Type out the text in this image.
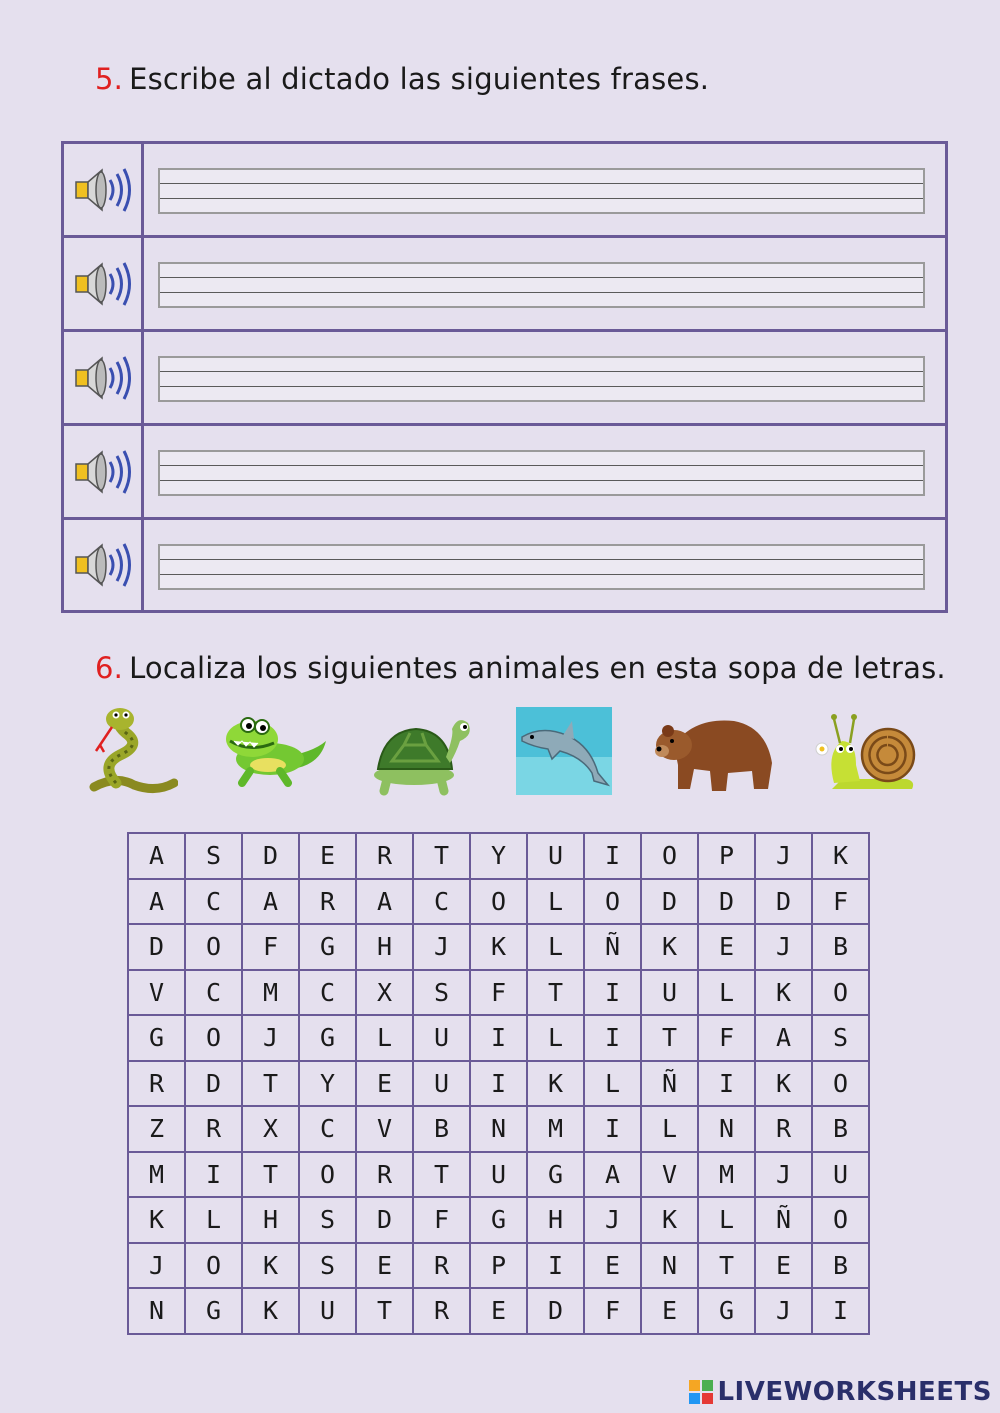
5. Escribe al dictado las siguientes frases.
6. Localiza los siguientes animales en esta sopa de letras.
A	S	D	E	R	T	Y	U	I	O	P	J	K
A	C	A	R	A	C	O	L	O	D	D	D	F
D	O	F	G	H	J	K	L	Ñ	K	E	J	B
V	C	M	C	X	S	F	T	I	U	L	K	O
G	O	J	G	L	U	I	L	I	T	F	A	S
R	D	T	Y	E	U	I	K	L	Ñ	I	K	O
Z	R	X	C	V	B	N	M	I	L	N	R	B
M	I	T	O	R	T	U	G	A	V	M	J	U
K	L	H	S	D	F	G	H	J	K	L	Ñ	O
J	O	K	S	E	R	P	I	E	N	T	E	B
N	G	K	U	T	R	E	D	F	E	G	J	I
LIVEWORKSHEETS
